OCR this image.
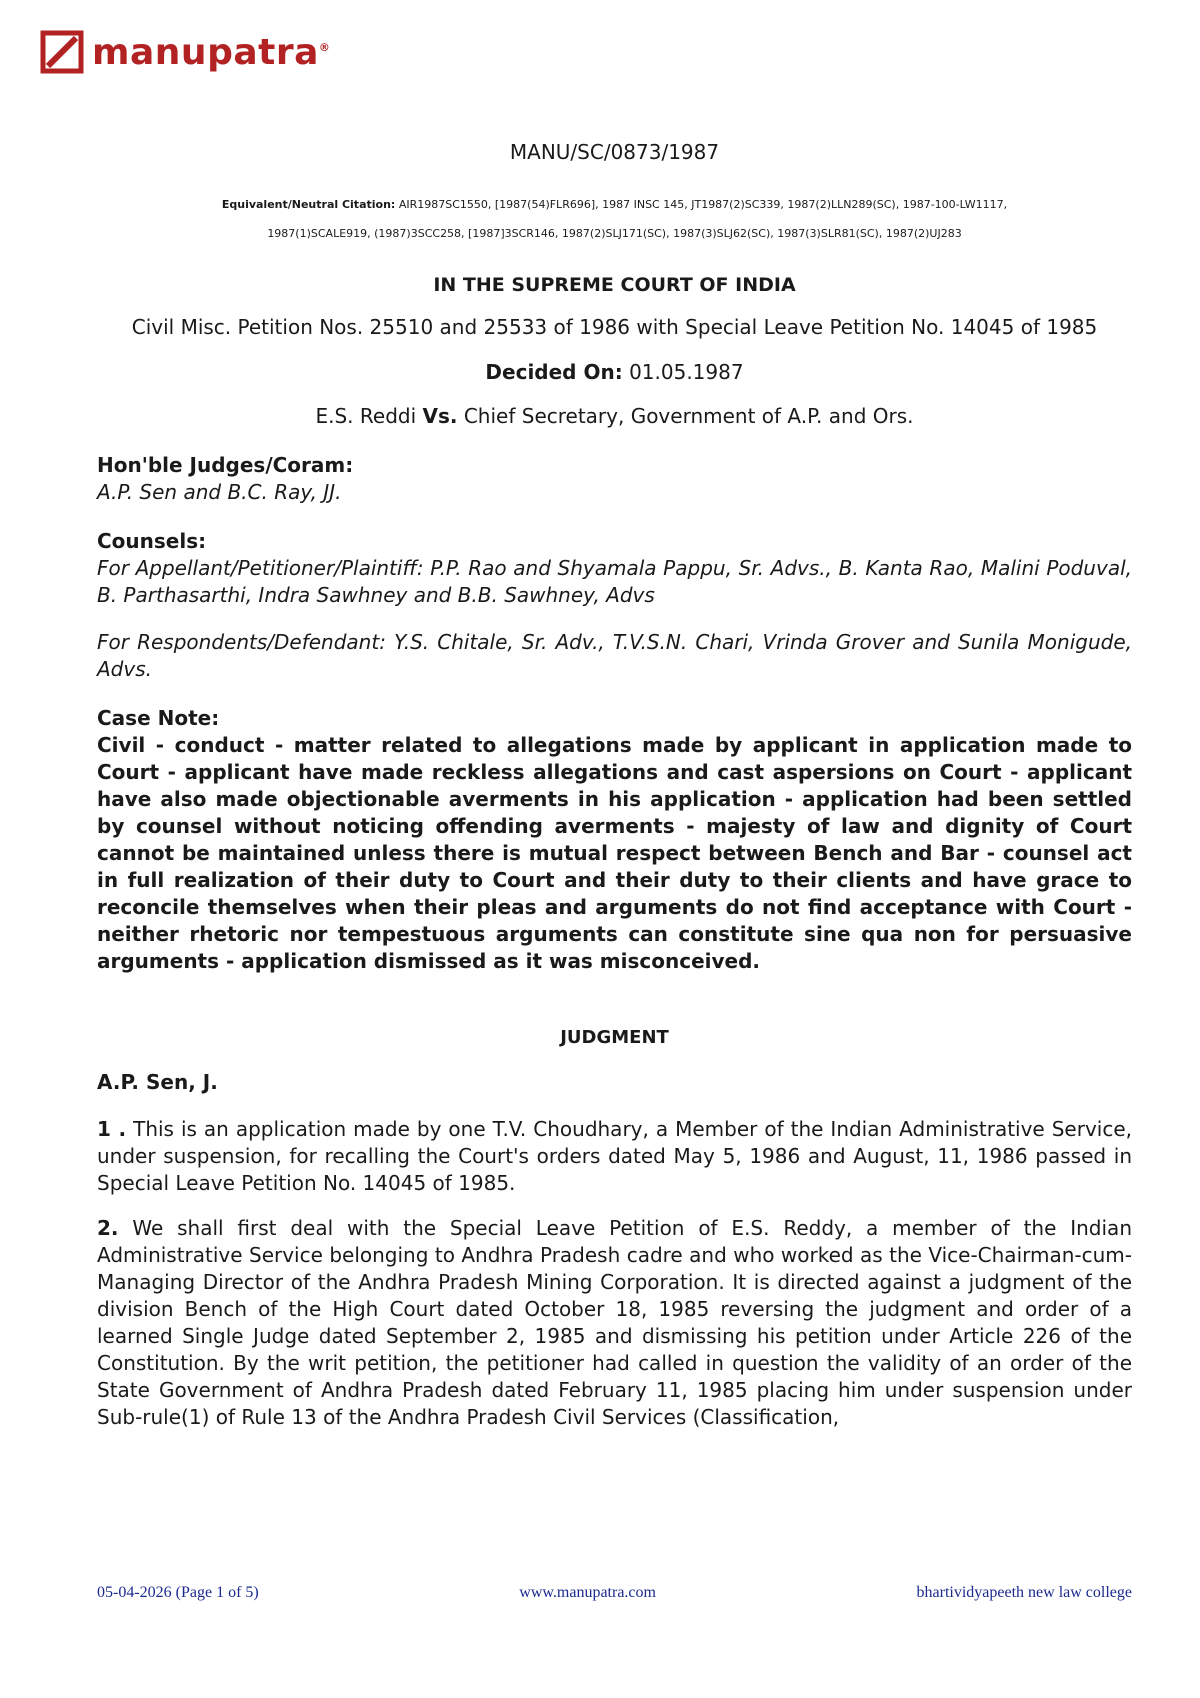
manupatra®

MANU/SC/0873/1987

Equivalent/Neutral Citation: AIR1987SC1550, [1987(54)FLR696], 1987 INSC 145, JT1987(2)SC339, 1987(2)LLN289(SC), 1987-100-LW1117,

1987(1)SCALE919, (1987)3SCC258, [1987]3SCR146, 1987(2)SLJ171(SC), 1987(3)SLJ62(SC), 1987(3)SLR81(SC), 1987(2)UJ283

IN THE SUPREME COURT OF INDIA

Civil Misc. Petition Nos. 25510 and 25533 of 1986 with Special Leave Petition No. 14045 of 1985

Decided On: 01.05.1987

E.S. Reddi Vs. Chief Secretary, Government of A.P. and Ors.

Hon'ble Judges/Coram:

A.P. Sen and B.C. Ray, JJ.

Counsels:

For Appellant/Petitioner/Plaintiff: P.P. Rao and Shyamala Pappu, Sr. Advs., B. Kanta Rao, Malini Poduval, B. Parthasarthi, Indra Sawhney and B.B. Sawhney, Advs

For Respondents/Defendant: Y.S. Chitale, Sr. Adv., T.V.S.N. Chari, Vrinda Grover and Sunila Monigude, Advs.

Case Note:

Civil - conduct - matter related to allegations made by applicant in application made to Court - applicant have made reckless allegations and cast aspersions on Court - applicant have also made objectionable averments in his application - application had been settled by counsel without noticing offending averments - majesty of law and dignity of Court cannot be maintained unless there is mutual respect between Bench and Bar - counsel act in full realization of their duty to Court and their duty to their clients and have grace to reconcile themselves when their pleas and arguments do not find acceptance with Court - neither rhetoric nor tempestuous arguments can constitute sine qua non for persuasive arguments - application dismissed as it was misconceived.

JUDGMENT

A.P. Sen, J.

1 . This is an application made by one T.V. Choudhary, a Member of the Indian Administrative Service, under suspension, for recalling the Court's orders dated May 5, 1986 and August, 11, 1986 passed in Special Leave Petition No. 14045 of 1985.

2. We shall first deal with the Special Leave Petition of E.S. Reddy, a member of the Indian Administrative Service belonging to Andhra Pradesh cadre and who worked as the Vice-Chairman-cum-Managing Director of the Andhra Pradesh Mining Corporation. It is directed against a judgment of the division Bench of the High Court dated October 18, 1985 reversing the judgment and order of a learned Single Judge dated September 2, 1985 and dismissing his petition under Article 226 of the Constitution. By the writ petition, the petitioner had called in question the validity of an order of the State Government of Andhra Pradesh dated February 11, 1985 placing him under suspension under Sub-rule(1) of Rule 13 of the Andhra Pradesh Civil Services (Classification,

05-04-2026 (Page 1 of 5)	www.manupatra.com	bhartividyapeeth new law college
